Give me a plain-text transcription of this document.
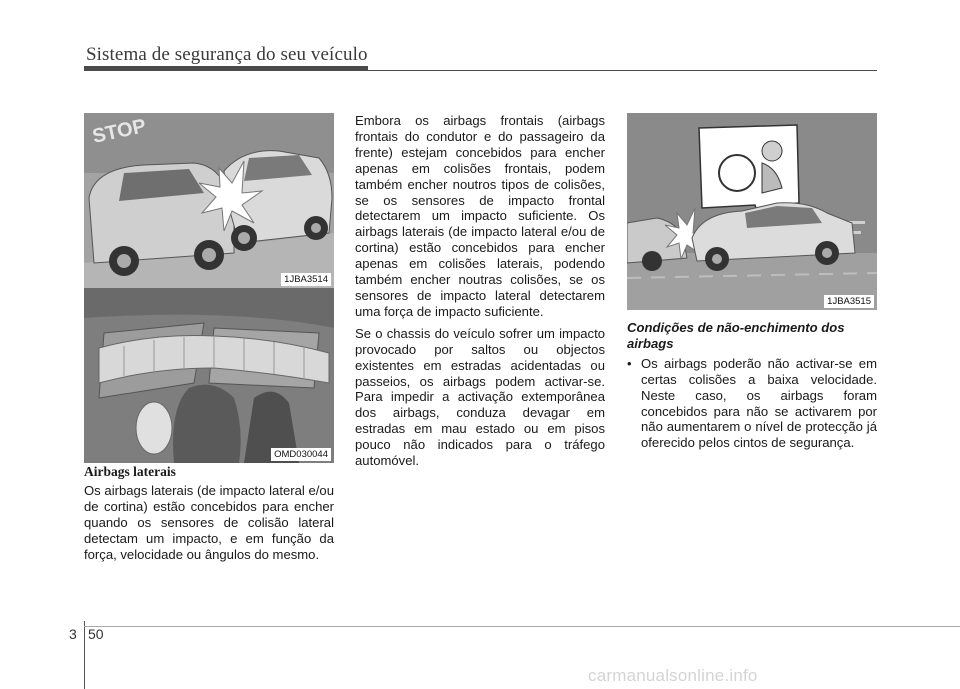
Sistema de segurança do seu veículo
STOP
1JBA3514
OMD030044
Airbags laterais

Os airbags laterais (de impacto lateral e/ou de cortina) estão concebidos para encher quando os sensores de colisão lateral detectam um impacto, e em função da força, velocidade ou ângulos do mesmo.

Embora os airbags frontais (airbags frontais do condutor e do passageiro da frente) estejam concebidos para encher apenas em colisões frontais, podem também encher noutros tipos de colisões, se os sensores de impacto frontal detectarem um impacto suficiente. Os airbags laterais (de impacto lateral e/ou de cortina) estão concebidos para encher apenas em colisões laterais, podendo também encher noutras colisões, se os sensores de impacto lateral detectarem uma força de impacto suficiente.

Se o chassis do veículo sofrer um impacto provocado por saltos ou objectos existentes em estradas acidentadas ou passeios, os airbags podem activar-se. Para impedir a activação extemporânea dos airbags, conduza devagar em estradas em mau estado ou em pisos pouco não indicados para o tráfego automóvel.

1JBA3515
Condições de não-enchimento dos airbags
• Os airbags poderão não activar-se em certas colisões a baixa velocidade. Neste caso, os airbags foram concebidos para não se activarem por não aumentarem o nível de protecção já oferecido pelos cintos de segurança.
3 50
carmanualsonline.info
